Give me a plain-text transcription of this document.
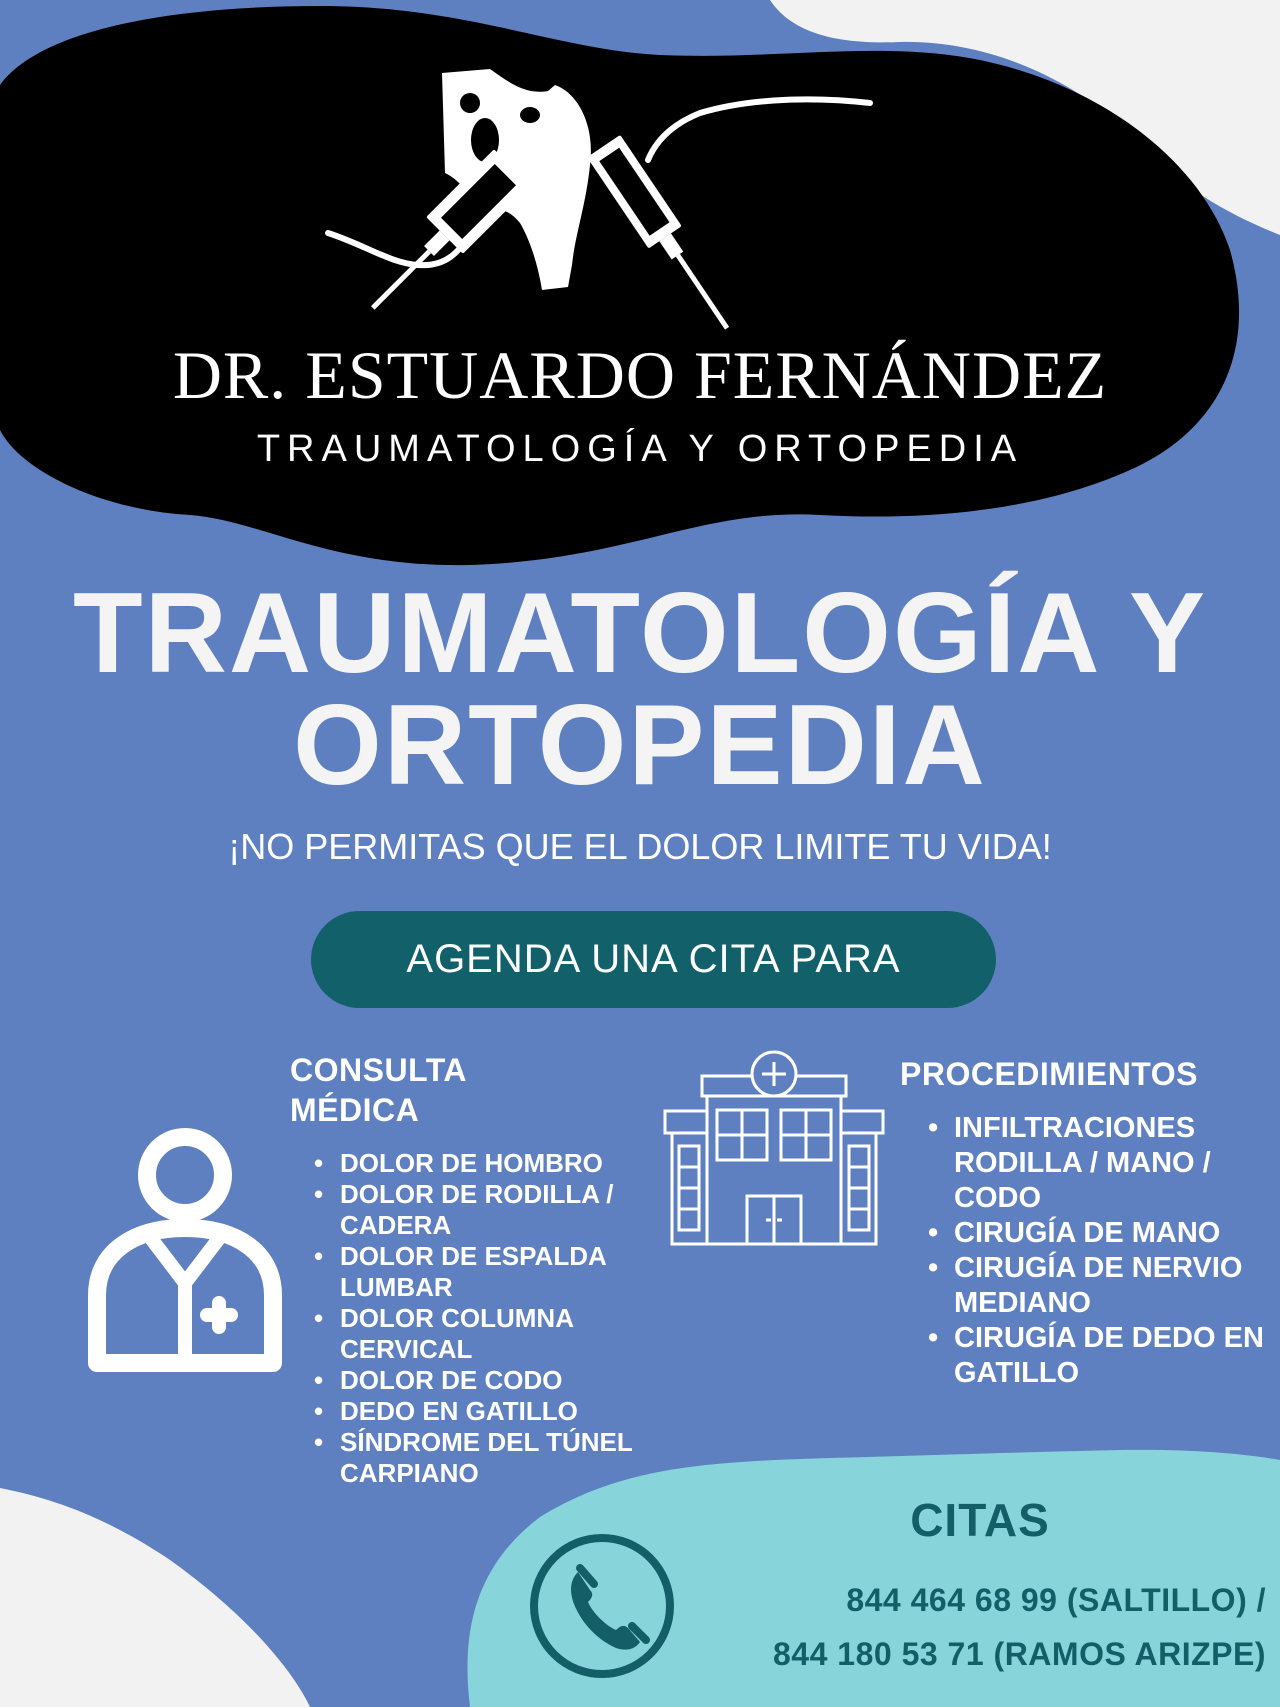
DR. ESTUARDO FERNÁNDEZ
TRAUMATOLOGÍA Y ORTOPEDIA
TRAUMATOLOGÍA Y
ORTOPEDIA
¡NO PERMITAS QUE EL DOLOR LIMITE TU VIDA!
AGENDA UNA CITA PARA
CONSULTA MÉDICA
• DOLOR DE HOMBRO
• DOLOR DE RODILLA / CADERA
• DOLOR DE ESPALDA LUMBAR
• DOLOR COLUMNA CERVICAL
• DOLOR DE CODO
• DEDO EN GATILLO
• SÍNDROME DEL TÚNEL CARPIANO
PROCEDIMIENTOS
• INFILTRACIONES RODILLA / MANO / CODO
• CIRUGÍA DE MANO
• CIRUGÍA DE NERVIO MEDIANO
• CIRUGÍA DE DEDO EN GATILLO
CITAS
844 464 68 99 (SALTILLO) /
844 180 53 71 (RAMOS ARIZPE)
